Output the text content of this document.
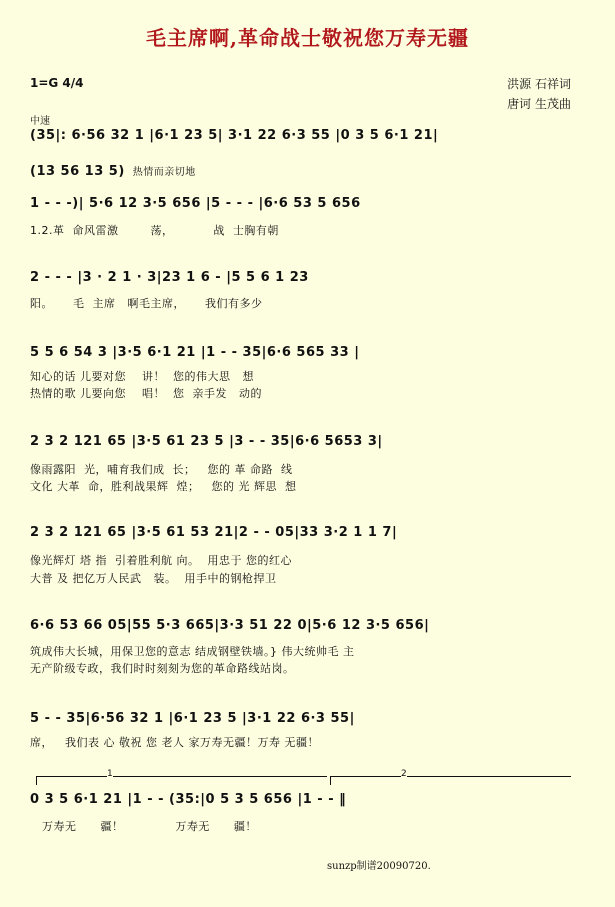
毛主席啊,革命战士敬祝您万寿无疆
1=G 4/4	洪源 石祥词
唐诃 生茂曲
中速
(35|: 6·56 32 1 |6·1 23 5| 3·1 22 6·3 55 |0 3 5 6·1 21|
(13 56 13 5) 热情而亲切地
1 - - -)| 5·6 12 3·5 656 |5 - - - |6·6 53 5 656
1.2.革  命风雷激        荡，          战  士胸有朝
2 - - - |3 · 2 1 · 3|23 1 6 - |5 5 6 1 23
阳。     毛  主席   啊毛主席，     我们有多少
5 5 6 54 3 |3·5 6·1 21 |1 - - 35|6·6 565 33 |
知心的话 儿要对您    讲！  您的伟大思   想
热情的歌 儿要向您    唱！  您  亲手发   动的
2 3 2 121 65 |3·5 61 23 5 |3 - - 35|6·6 5653 3|
像雨露阳  光，哺育我们成  长；   您的 革 命路  线
文化 大革  命，胜利战果辉  煌；   您的 光 辉思  想
2 3 2 121 65 |3·5 61 53 21|2 - - 05|33 3·2 1 1 7|
像光辉灯 塔 指  引着胜利航 向。  用忠于 您的红心
大普 及 把亿万人民武   装。  用手中的钢枪捍卫
6·6 53 66 05|55 5·3 665|3·3 51 22 0|5·6 12 3·5 656|
筑成伟大长城，用保卫您的意志 结成钢壁铁墙。} 伟大统帅毛 主
无产阶级专政，我们时时刻刻为您的革命路线站岗。
5 - - 35|6·56 32 1 |6·1 23 5 |3·1 22 6·3 55|
席，   我们表 心 敬祝 您 老人 家万寿无疆！万寿 无疆！
1	2
0 3 5 6·1 21 |1 - - (35:|0 5 3 5 656 |1 - - ‖
万寿无      疆！             万寿无      疆！
sunzp制谱20090720.
